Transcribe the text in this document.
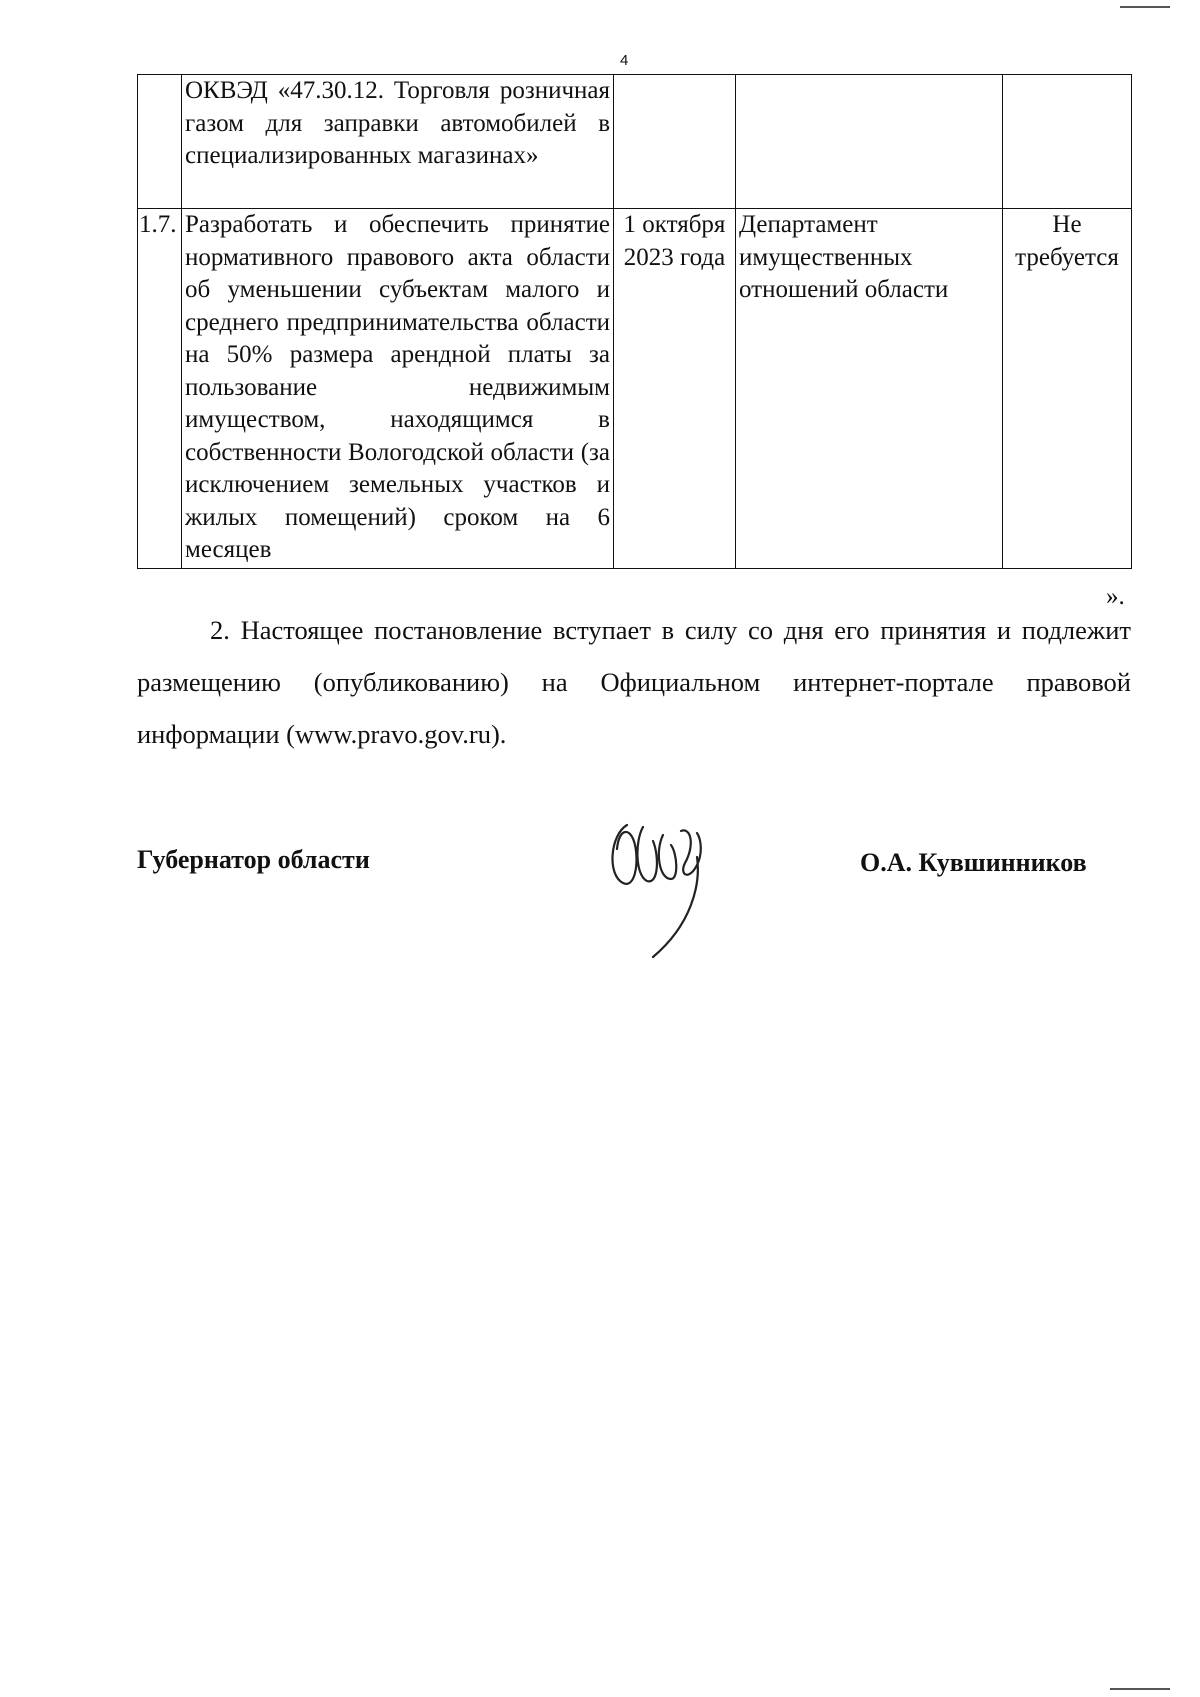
4
	ОКВЭД «47.30.12. Торговля розничная газом для заправки автомобилей в специализированных магазинах»			
1.7.	Разработать и обеспечить принятие нормативного правового акта области об уменьшении субъектам малого и среднего предпринимательства области на 50% размера арендной платы за пользование недвижимым имуществом, находящимся в собственности Вологодской области (за исключением земельных участков и жилых помещений) сроком на 6 месяцев	1 октября 2023 года	Департамент имущественных отношений области	Не требуется
».

2. Настоящее постановление вступает в силу со дня его принятия и подлежит размещению (опубликованию) на Официальном интернет-портале правовой информации (www.pravo.gov.ru).

Губернатор области	О.А. Кувшинников
